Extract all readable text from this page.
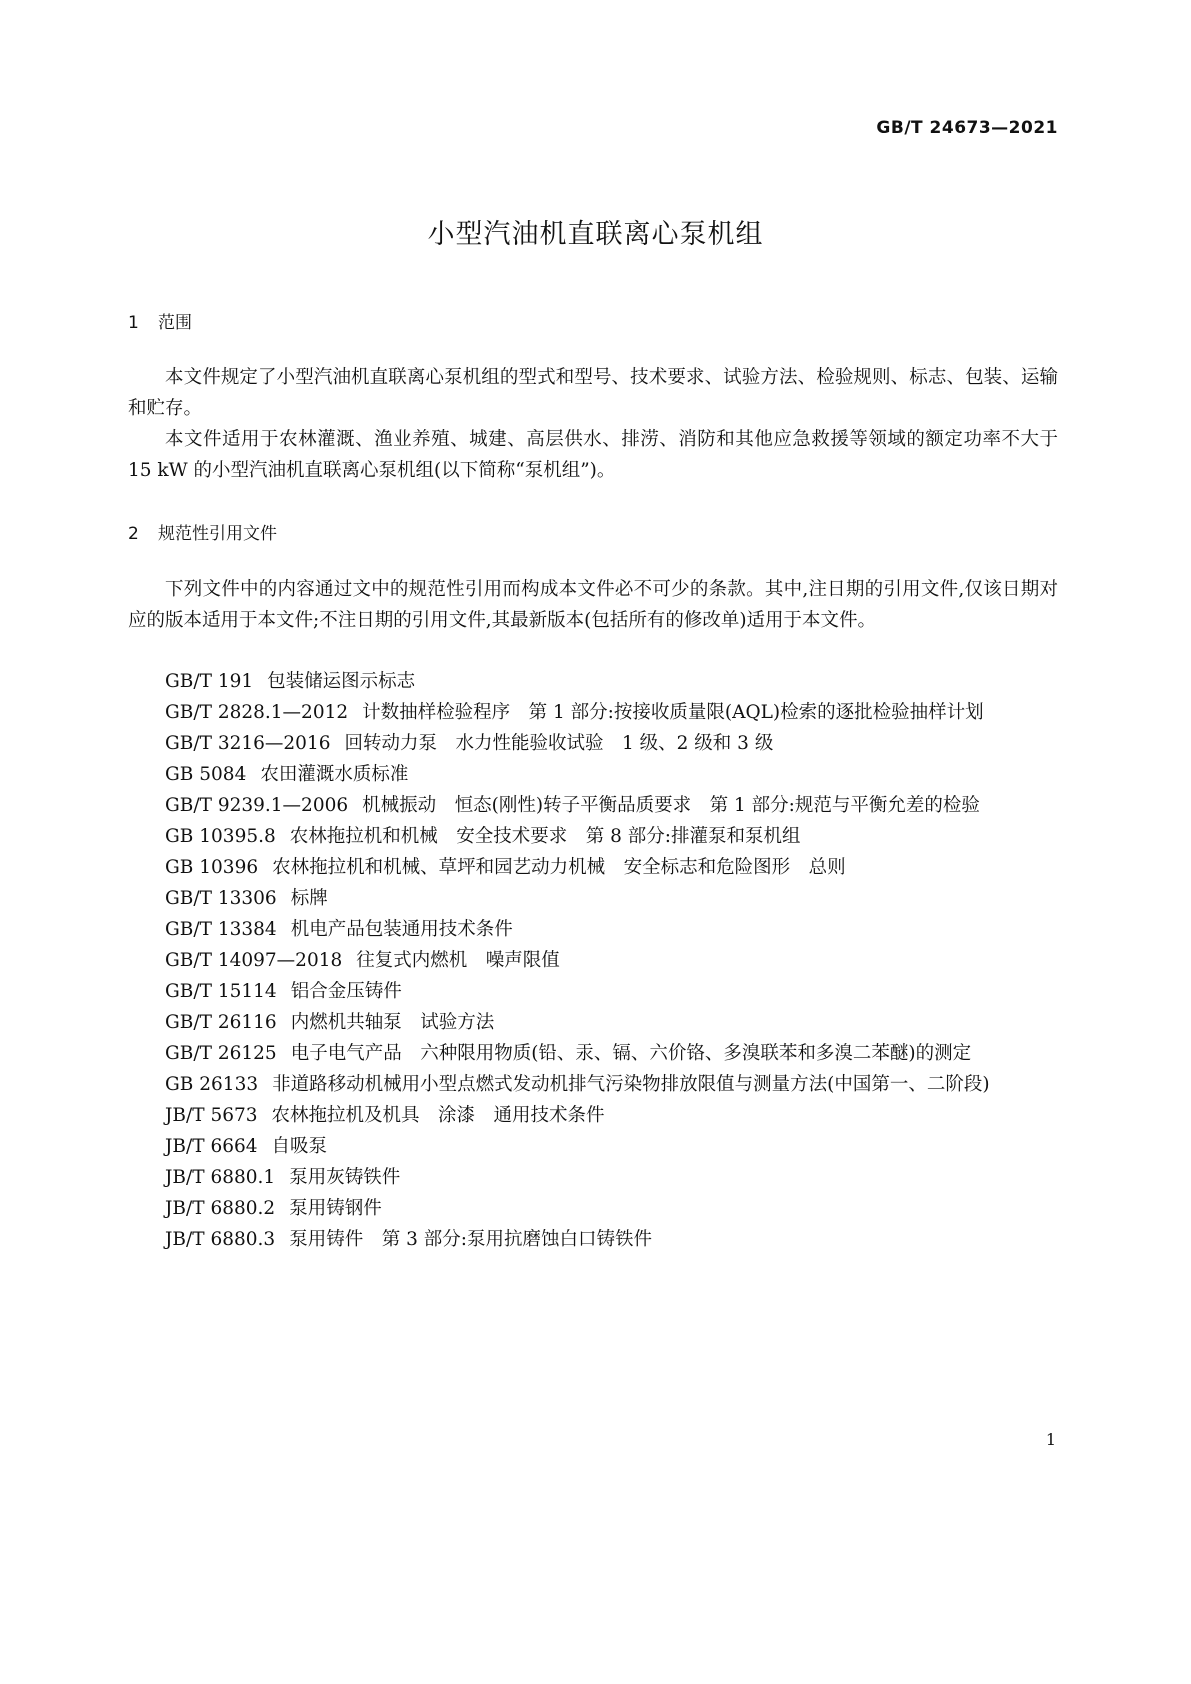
GB/T 24673—2021
小型汽油机直联离心泵机组
1 范围

本文件规定了小型汽油机直联离心泵机组的型式和型号、技术要求、试验方法、检验规则、标志、包装、运输和贮存。

本文件适用于农林灌溉、渔业养殖、城建、高层供水、排涝、消防和其他应急救援等领域的额定功率不大于 15 kW 的小型汽油机直联离心泵机组(以下简称“泵机组”)。

2 规范性引用文件

下列文件中的内容通过文中的规范性引用而构成本文件必不可少的条款。其中,注日期的引用文件,仅该日期对应的版本适用于本文件;不注日期的引用文件,其最新版本(包括所有的修改单)适用于本文件。

GB/T 191 包装储运图示标志
GB/T 2828.1—2012 计数抽样检验程序　第 1 部分:按接收质量限(AQL)检索的逐批检验抽样计划
GB/T 3216—2016 回转动力泵　水力性能验收试验　1 级、2 级和 3 级
GB 5084 农田灌溉水质标准
GB/T 9239.1—2006 机械振动　恒态(刚性)转子平衡品质要求　第 1 部分:规范与平衡允差的检验
GB 10395.8 农林拖拉机和机械　安全技术要求　第 8 部分:排灌泵和泵机组
GB 10396 农林拖拉机和机械、草坪和园艺动力机械　安全标志和危险图形　总则
GB/T 13306 标牌
GB/T 13384 机电产品包装通用技术条件
GB/T 14097—2018 往复式内燃机　噪声限值
GB/T 15114 铝合金压铸件
GB/T 26116 内燃机共轴泵　试验方法
GB/T 26125 电子电气产品　六种限用物质(铅、汞、镉、六价铬、多溴联苯和多溴二苯醚)的测定
GB 26133 非道路移动机械用小型点燃式发动机排气污染物排放限值与测量方法(中国第一、二阶段)
JB/T 5673 农林拖拉机及机具　涂漆　通用技术条件
JB/T 6664 自吸泵
JB/T 6880.1 泵用灰铸铁件
JB/T 6880.2 泵用铸钢件
JB/T 6880.3 泵用铸件　第 3 部分:泵用抗磨蚀白口铸铁件
1
